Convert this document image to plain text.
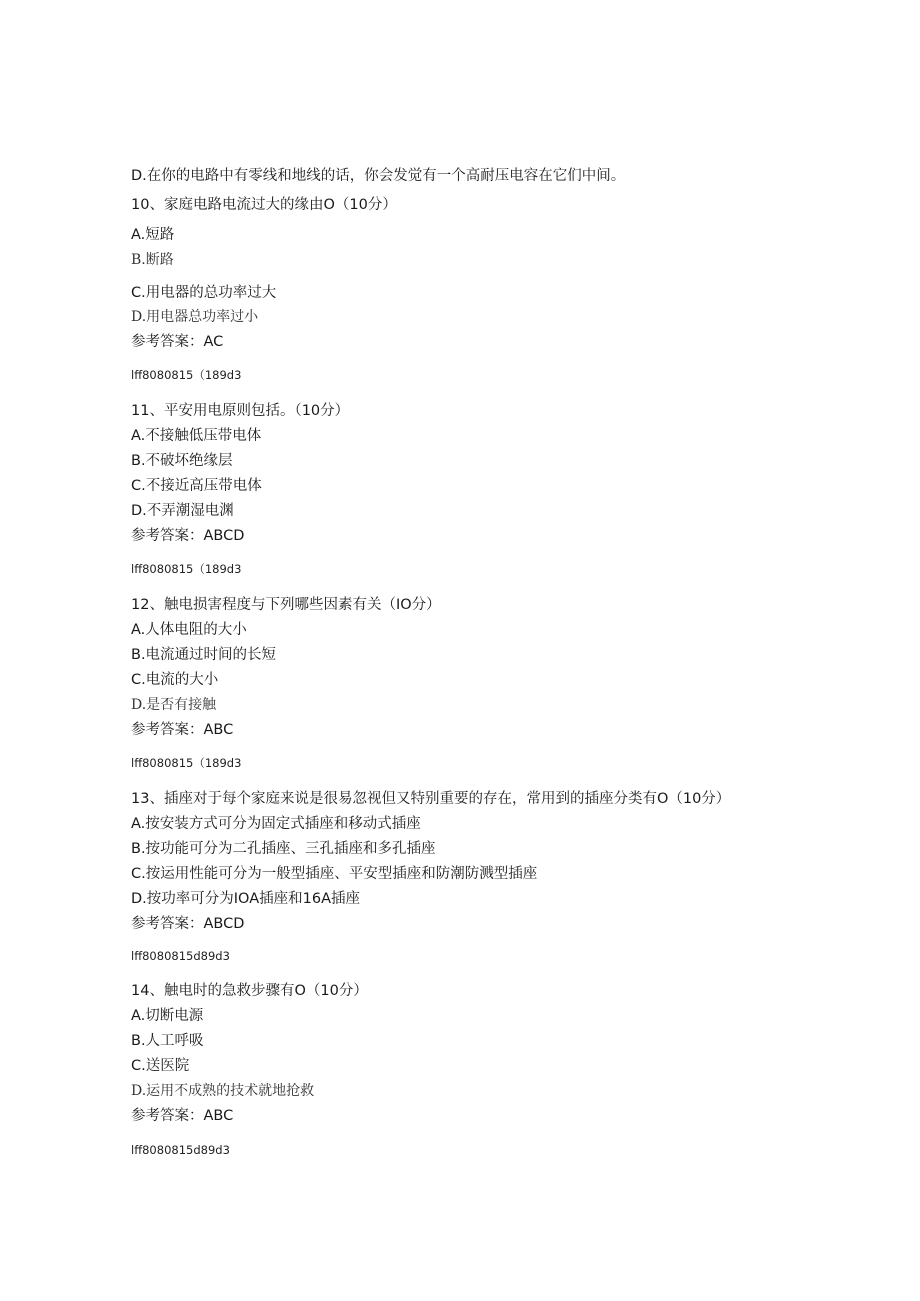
D.在你的电路中有零线和地线的话，你会发觉有一个高耐压电容在它们中间。
10、家庭电路电流过大的缘由O（10分）
A.短路
B.断路
C.用电器的总功率过大
D.用电器总功率过小
参考答案：AC
lff8080815（189d3
11、平安用电原则包括。（10分）
A.不接触低压带电体
B.不破坏绝缘层
C.不接近高压带电体
D.不弄潮湿电渊
参考答案：ABCD
lff8080815（189d3
12、触电损害程度与下列哪些因素有关（IO分）
A.人体电阻的大小
B.电流通过时间的长短
C.电流的大小
D.是否有接触
参考答案：ABC
lff8080815（189d3
13、插座对于每个家庭来说是很易忽视但又特别重要的存在，常用到的插座分类有O（10分）
A.按安装方式可分为固定式插座和移动式插座
B.按功能可分为二孔插座、三孔插座和多孔插座
C.按运用性能可分为一般型插座、平安型插座和防潮防溅型插座
D.按功率可分为IOA插座和16A插座
参考答案：ABCD
lff8080815d89d3
14、触电时的急救步骤有O（10分）
A.切断电源
B.人工呼吸
C.送医院
D.运用不成熟的技术就地抢救
参考答案：ABC
lff8080815d89d3
